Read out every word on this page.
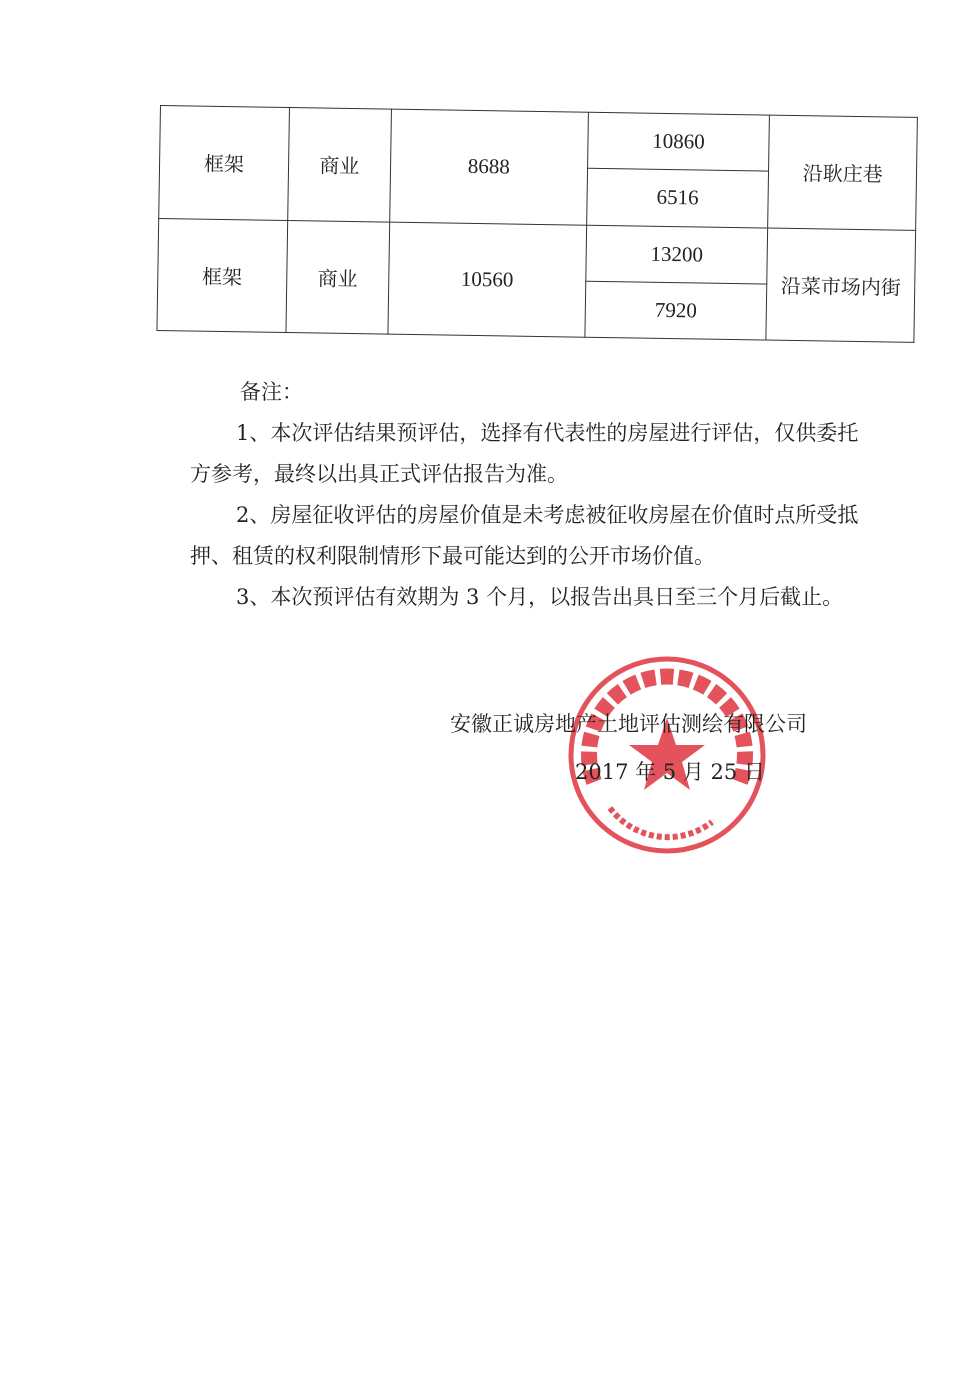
框架	商业	8688	10860	沿耿庄巷
			6516	
框架	商业	10560	13200	沿菜市场内街
			7920	

备注：

1、本次评估结果预评估，选择有代表性的房屋进行评估，仅供委托方参考，最终以出具正式评估报告为准。

2、房屋征收评估的房屋价值是未考虑被征收房屋在价值时点所受抵押、租赁的权利限制情形下最可能达到的公开市场价值。

3、本次预评估有效期为 3 个月，以报告出具日至三个月后截止。

安徽正诚房地产土地评估测绘有限公司
2017 年 5 月 25 日
